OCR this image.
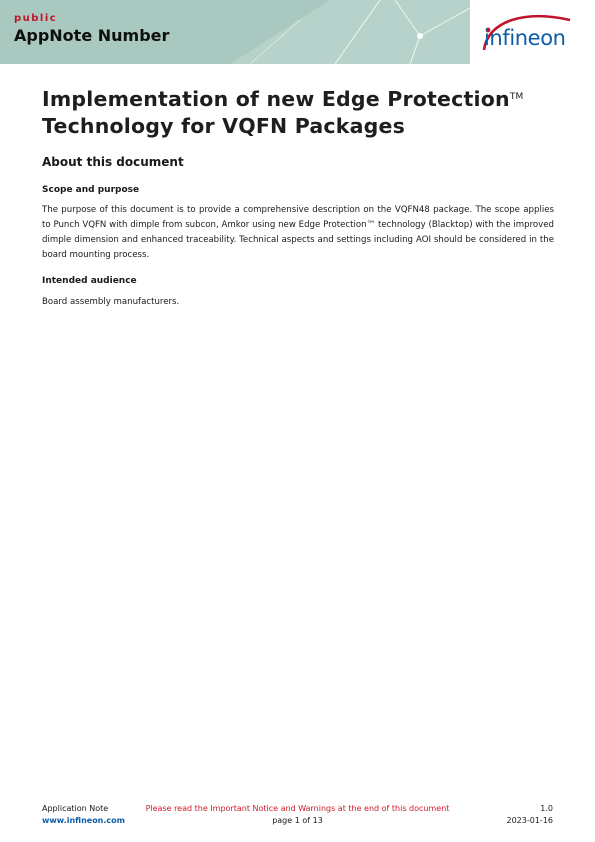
public
AppNote Number	infineon
Implementation of new Edge Protection™
Technology for VQFN Packages
About this document
Scope and purpose

The purpose of this document is to provide a comprehensive description on the VQFN48 package. The scope applies to Punch VQFN with dimple from subcon, Amkor using new Edge Protection™ technology (Blacktop) with the improved dimple dimension and enhanced traceability. Technical aspects and settings including AOI should be considered in the board mounting process.

Intended audience

Board assembly manufacturers.

Application Note
www.infineon.com
Please read the Important Notice and Warnings at the end of this document
page 1 of 13
1.0
2023-01-16
